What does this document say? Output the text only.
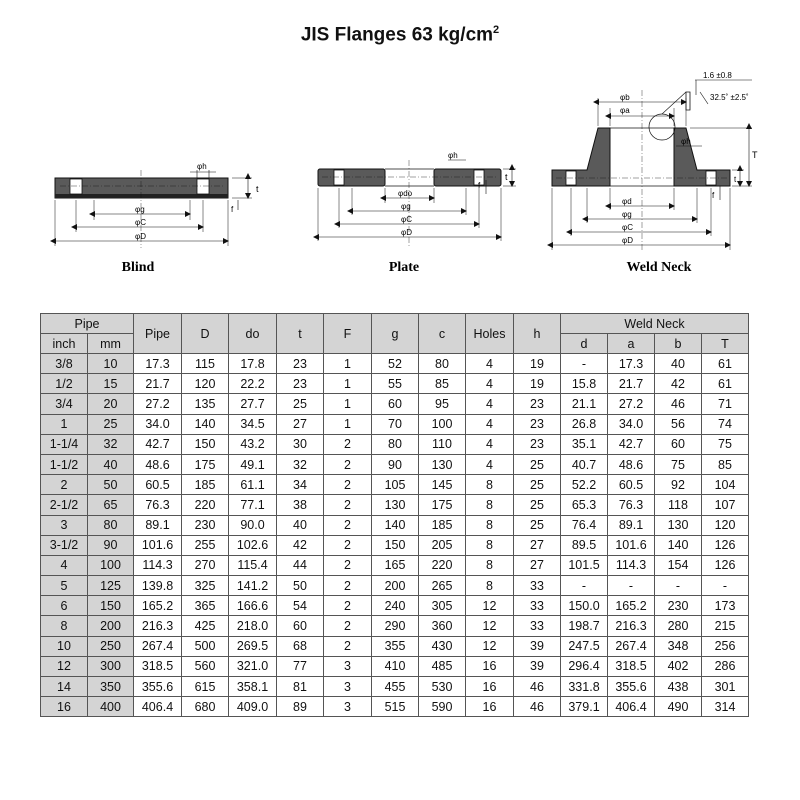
JIS Flanges 63 $kg/cm^2$
φh
t
f
φg
φC
φD
Blind
φh
t
f
φdo
φg
φC
φD
Plate
1.6 ±0.8
32.5˚ ±2.5˚
φb
φa
φh
T
t
f
φd
φg
φC
φD
Weld Neck
Pipe		Pipe	D	do	t	F	g	c	Holes	h	Weld Neck			
inch	mm										d	a	b	T
3/8	10	17.3	115	17.8	23	1	52	80	4	19	-	17.3	40	61
1/2	15	21.7	120	22.2	23	1	55	85	4	19	15.8	21.7	42	61
3/4	20	27.2	135	27.7	25	1	60	95	4	23	21.1	27.2	46	71
1	25	34.0	140	34.5	27	1	70	100	4	23	26.8	34.0	56	74
1-1/4	32	42.7	150	43.2	30	2	80	110	4	23	35.1	42.7	60	75
1-1/2	40	48.6	175	49.1	32	2	90	130	4	25	40.7	48.6	75	85
2	50	60.5	185	61.1	34	2	105	145	8	25	52.2	60.5	92	104
2-1/2	65	76.3	220	77.1	38	2	130	175	8	25	65.3	76.3	118	107
3	80	89.1	230	90.0	40	2	140	185	8	25	76.4	89.1	130	120
3-1/2	90	101.6	255	102.6	42	2	150	205	8	27	89.5	101.6	140	126
4	100	114.3	270	115.4	44	2	165	220	8	27	101.5	114.3	154	126
5	125	139.8	325	141.2	50	2	200	265	8	33	-	-	-	-
6	150	165.2	365	166.6	54	2	240	305	12	33	150.0	165.2	230	173
8	200	216.3	425	218.0	60	2	290	360	12	33	198.7	216.3	280	215
10	250	267.4	500	269.5	68	2	355	430	12	39	247.5	267.4	348	256
12	300	318.5	560	321.0	77	3	410	485	16	39	296.4	318.5	402	286
14	350	355.6	615	358.1	81	3	455	530	16	46	331.8	355.6	438	301
16	400	406.4	680	409.0	89	3	515	590	16	46	379.1	406.4	490	314
